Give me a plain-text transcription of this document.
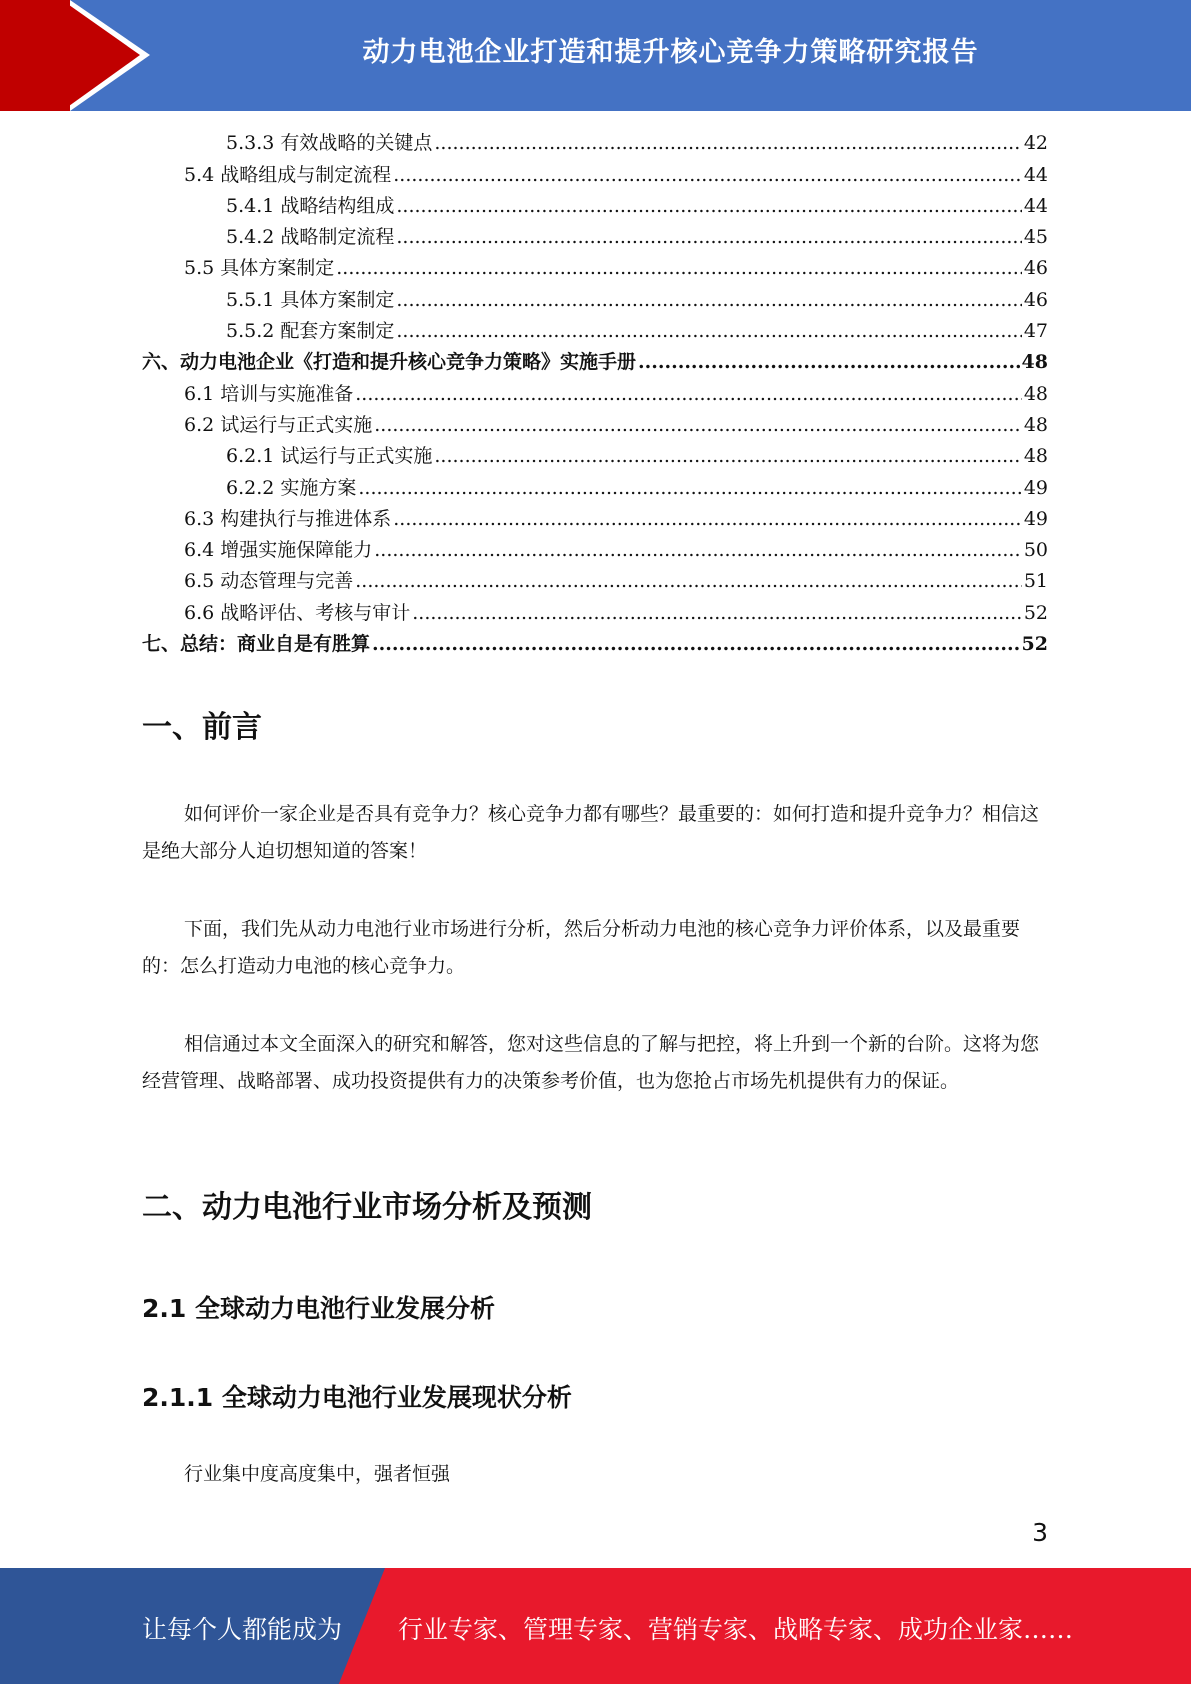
动力电池企业打造和提升核心竞争力策略研究报告
5.3.3 有效战略的关键点 .....	42
5.4 战略组成与制定流程 .....	44
5.4.1 战略结构组成 .....	44
5.4.2 战略制定流程 .....	45
5.5 具体方案制定 .....	46
5.5.1 具体方案制定 .....	46
5.5.2 配套方案制定 .....	47
六、动力电池企业《打造和提升核心竞争力策略》实施手册 .....	48
6.1 培训与实施准备 .....	48
6.2 试运行与正式实施 .....	48
6.2.1 试运行与正式实施 .....	48
6.2.2 实施方案 .....	49
6.3 构建执行与推进体系 .....	49
6.4 增强实施保障能力 .....	50
6.5 动态管理与完善 .....	51
6.6 战略评估、考核与审计 .....	52
七、总结：商业自是有胜算 .....	52
一、前言
如何评价一家企业是否具有竞争力？核心竞争力都有哪些？最重要的：如何打造和提升竞争力？相信这是绝大部分人迫切想知道的答案！
下面，我们先从动力电池行业市场进行分析，然后分析动力电池的核心竞争力评价体系，以及最重要的：怎么打造动力电池的核心竞争力。
相信通过本文全面深入的研究和解答，您对这些信息的了解与把控，将上升到一个新的台阶。这将为您经营管理、战略部署、成功投资提供有力的决策参考价值，也为您抢占市场先机提供有力的保证。
二、动力电池行业市场分析及预测
2.1 全球动力电池行业发展分析
2.1.1 全球动力电池行业发展现状分析
行业集中度高度集中，强者恒强
3
让每个人都能成为 行业专家、管理专家、营销专家、战略专家、成功企业家……
